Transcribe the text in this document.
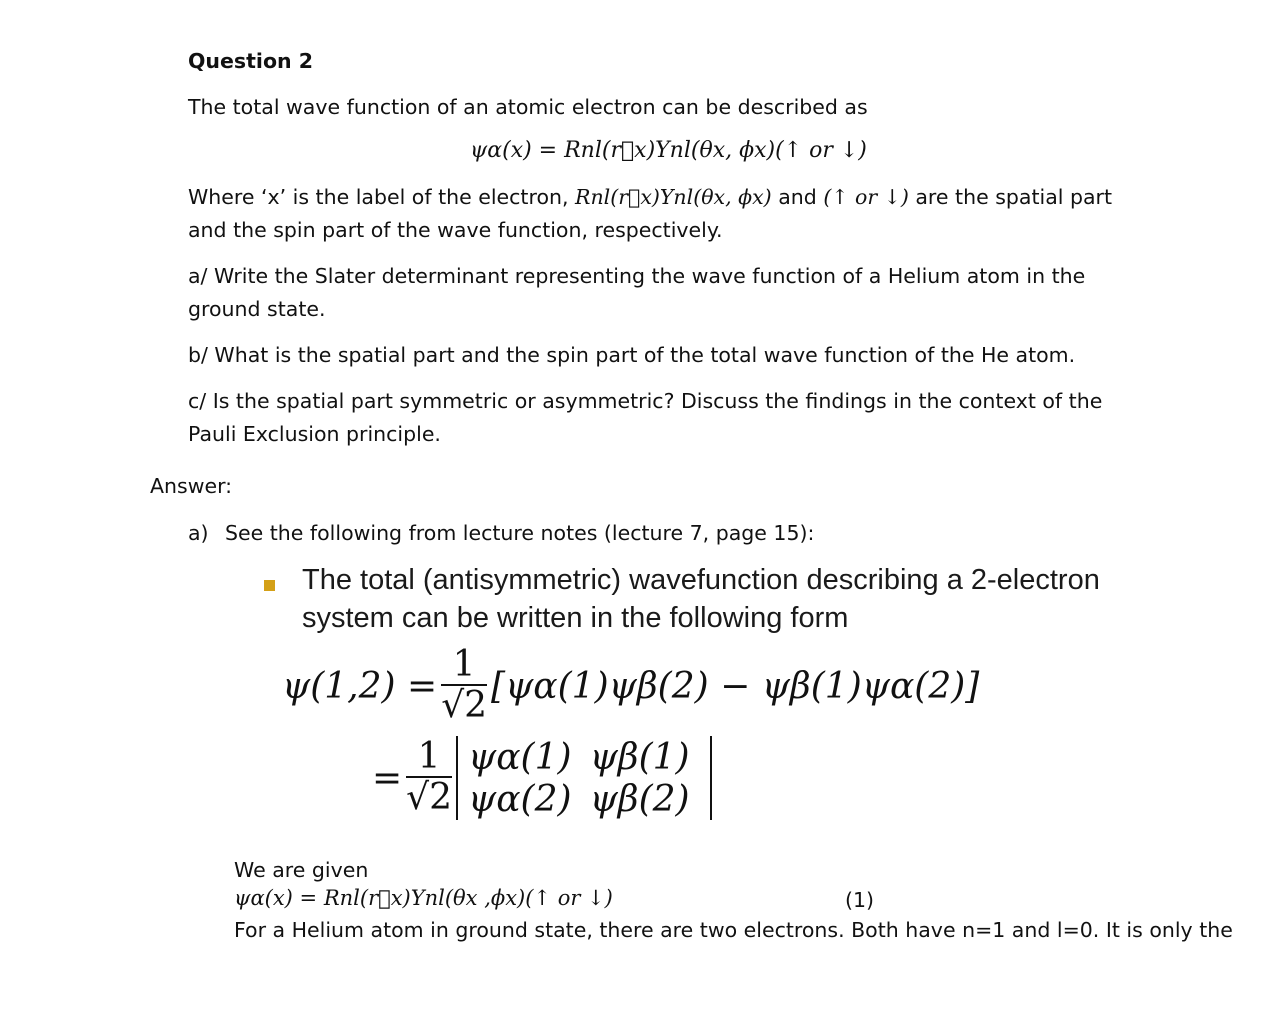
Question 2
The total wave function of an atomic electron can be described as
ψα(x) = Rnl(r⃗x)Ynl(θx, ϕx)(↑ or ↓)
Where ‘x’ is the label of the electron, Rnl(r⃗x)Ynl(θx, ϕx) and (↑ or ↓) are the spatial part
and the spin part of the wave function, respectively.
a/ Write the Slater determinant representing the wave function of a Helium atom in the
ground state.
b/ What is the spatial part and the spin part of the total wave function of the He atom.
c/ Is the spatial part symmetric or asymmetric? Discuss the findings in the context of the
Pauli Exclusion principle.
Answer:
a) See the following from lecture notes (lecture 7, page 15):
The total (antisymmetric) wavefunction describing a 2-electron
system can be written in the following form
$\psi(1,2) = \frac{1}{√2} [\psi\alpha(1)\psi\beta(2) - \psi\beta(1)\psi\alpha(2)]$
= $\frac{1}{√2} \psi\alpha(1)$	ψβ(1)
ψα(2)	ψβ(2)
We are given
ψα(x) = Rnl(r⃗x)Ynl(θx ,ϕx)(↑ or ↓)	(1)
For a Helium atom in ground state, there are two electrons. Both have n=1 and l=0. It is only the
